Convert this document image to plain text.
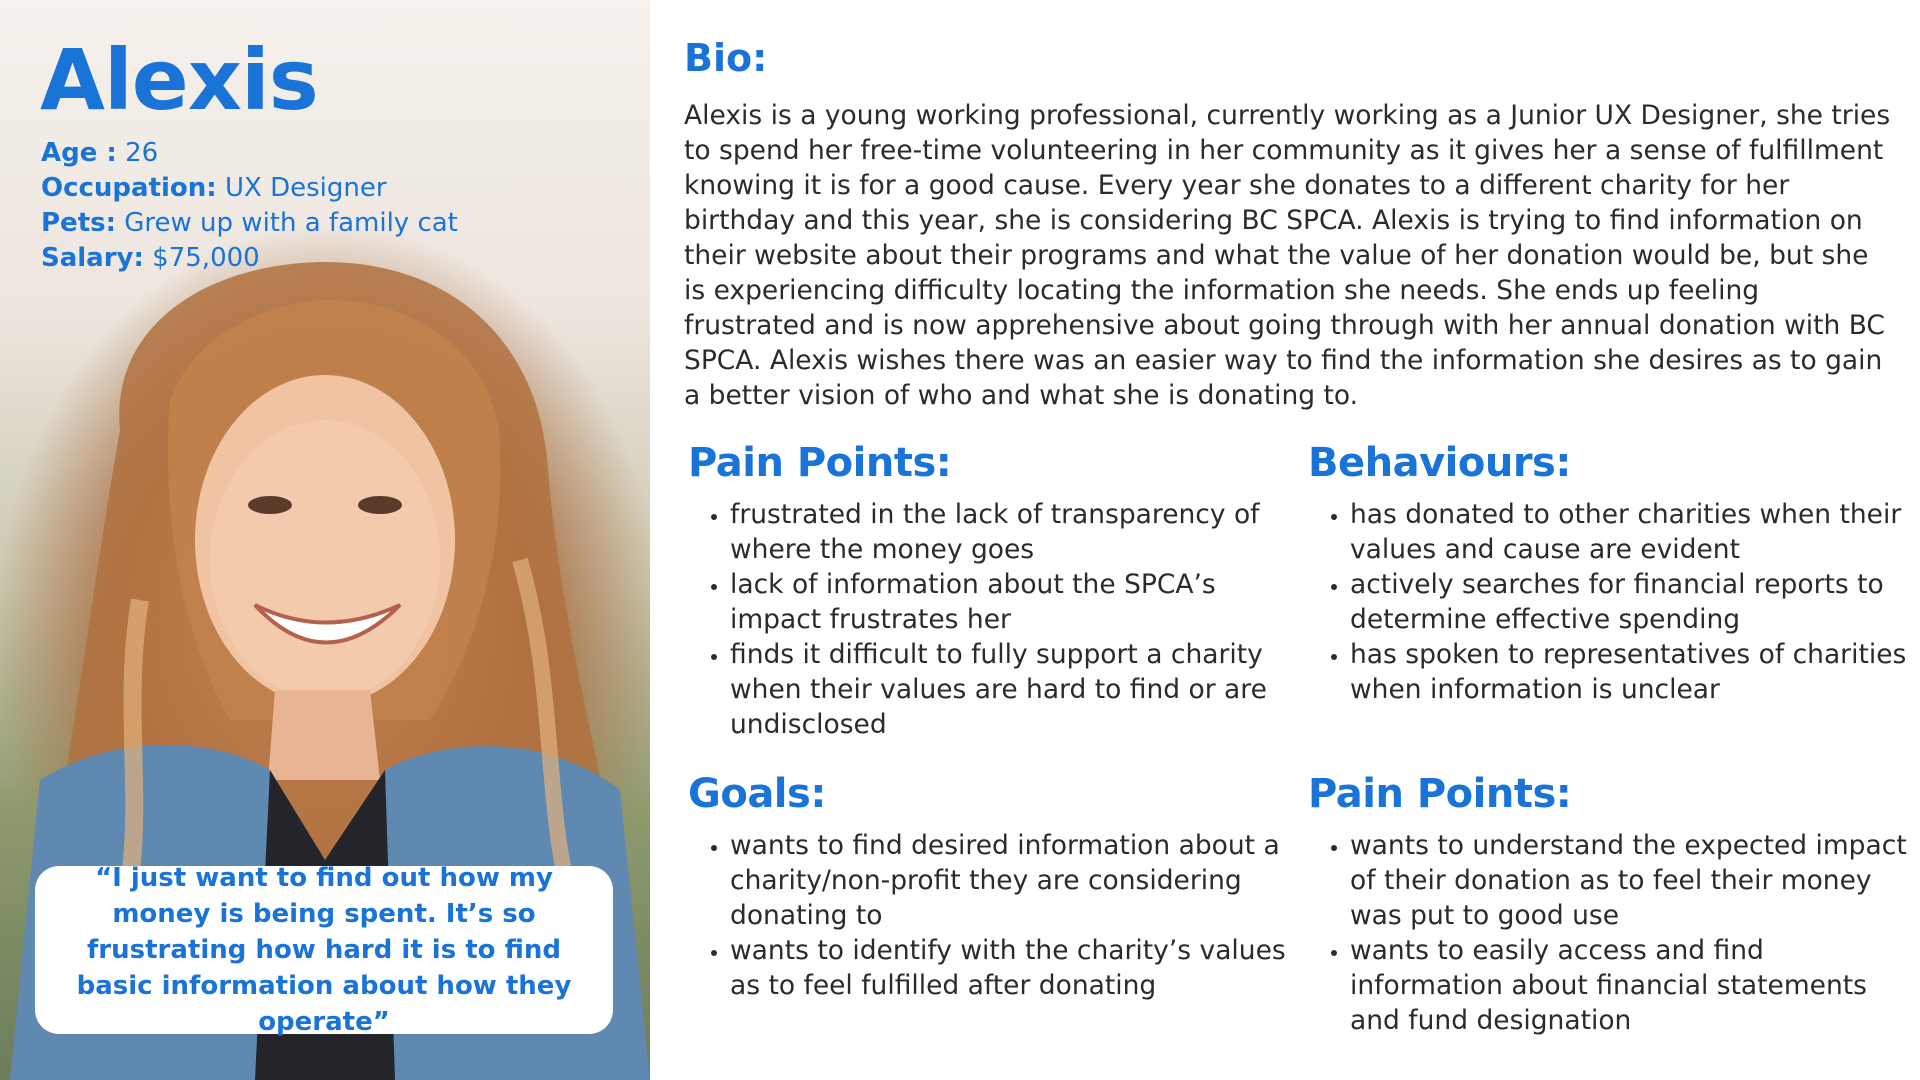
Alexis
Age : 26
Occupation: UX Designer
Pets: Grew up with a family cat
Salary: $75,000

“I just want to find out how my money is being spent. It’s so frustrating how hard it is to find basic information about how they operate”

Bio:

Alexis is a young working professional, currently working as a Junior UX Designer, she tries to spend her free-time volunteering in her community as it gives her a sense of fulfillment knowing it is for a good cause. Every year she donates to a different charity for her birthday and this year, she is considering BC SPCA. Alexis is trying to find information on their website about their programs and what the value of her donation would be, but she is experiencing difficulty locating the information she needs. She ends up feeling frustrated and is now apprehensive about going through with her annual donation with BC SPCA. Alexis wishes there was an easier way to find the information she desires as to gain a better vision of who and what she is donating to.

Pain Points:
• frustrated in the lack of transparency of where the money goes
• lack of information about the SPCA’s impact frustrates her
• finds it difficult to fully support a charity when their values are hard to find or are undisclosed
Behaviours:
• has donated to other charities when their values and cause are evident
• actively searches for financial reports to determine effective spending
• has spoken to representatives of charities when information is unclear
Goals:
• wants to find desired information about a charity/non-profit they are considering donating to
• wants to identify with the charity’s values as to feel fulfilled after donating
Pain Points:
• wants to understand the expected impact of their donation as to feel their money was put to good use
• wants to easily access and find information about financial statements and fund designation
